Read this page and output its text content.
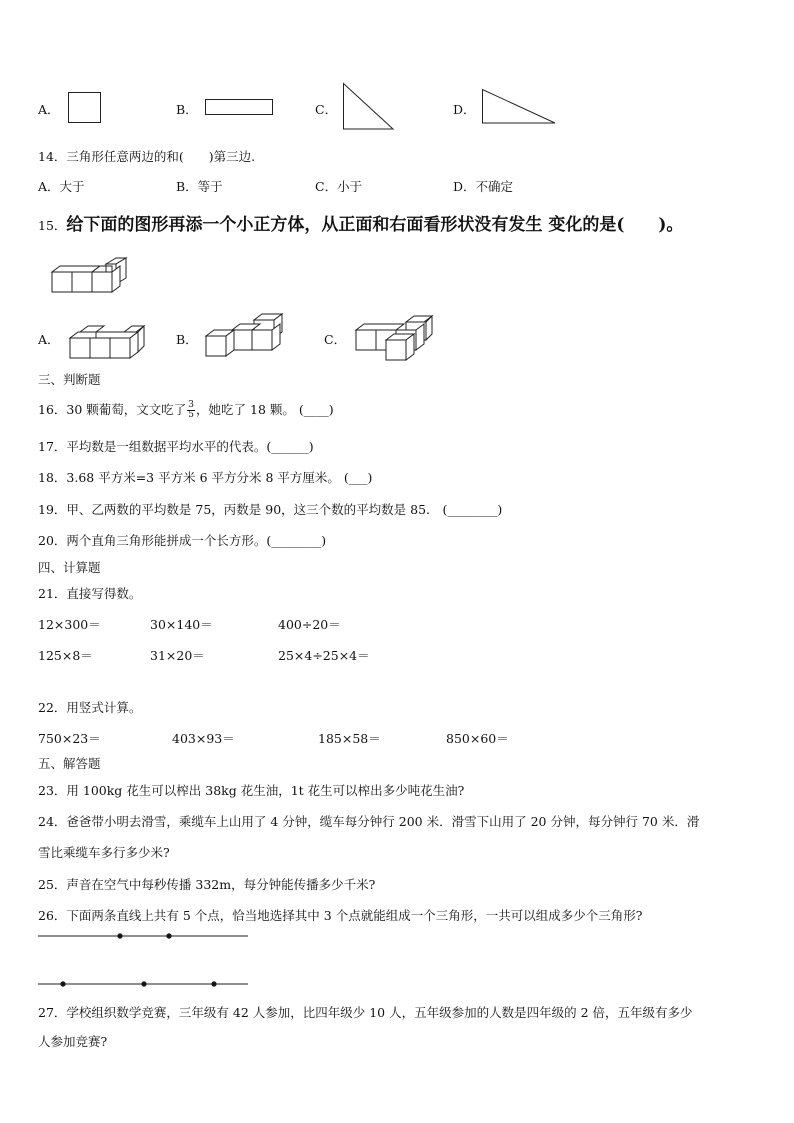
A．	B．	C．	D．
14．三角形任意两边的和(　　)第三边.
A．大于	B．等于	C．小于	D．不确定
15．给下面的图形再添一个小正方体，从正面和右面看形状没有发生 变化的是(　　)。
A．	B．	C．
三、判断题
16．30 颗葡萄，文文吃了 $\frac{3}{5}$ ，她吃了 18 颗。 (____)
17．平均数是一组数据平均水平的代表。(______)
18．3.68 平方米=3 平方米 6 平方分米 8 平方厘米。 (___)
19．甲、乙两数的平均数是 75，丙数是 90，这三个数的平均数是 85.　(________)
20．两个直角三角形能拼成一个长方形。(________)
四、计算题
21．直接写得数。
12×300＝	30×140＝	400÷20＝
125×8＝	31×20＝	25×4÷25×4＝
22．用竖式计算。
750×23＝	403×93＝	185×58＝	850×60＝
五、解答题
23．用 100kg 花生可以榨出 38kg 花生油，1t 花生可以榨出多少吨花生油?
24．爸爸带小明去滑雪，乘缆车上山用了 4 分钟，缆车每分钟行 200 米．滑雪下山用了 20 分钟，每分钟行 70 米．滑
雪比乘缆车多行多少米?
25．声音在空气中每秒传播 332m，每分钟能传播多少千米?
26．下面两条直线上共有 5 个点，恰当地选择其中 3 个点就能组成一个三角形，一共可以组成多少个三角形?
27．学校组织数学竞赛，三年级有 42 人参加，比四年级少 10 人，五年级参加的人数是四年级的 2 倍，五年级有多少
人参加竞赛?
